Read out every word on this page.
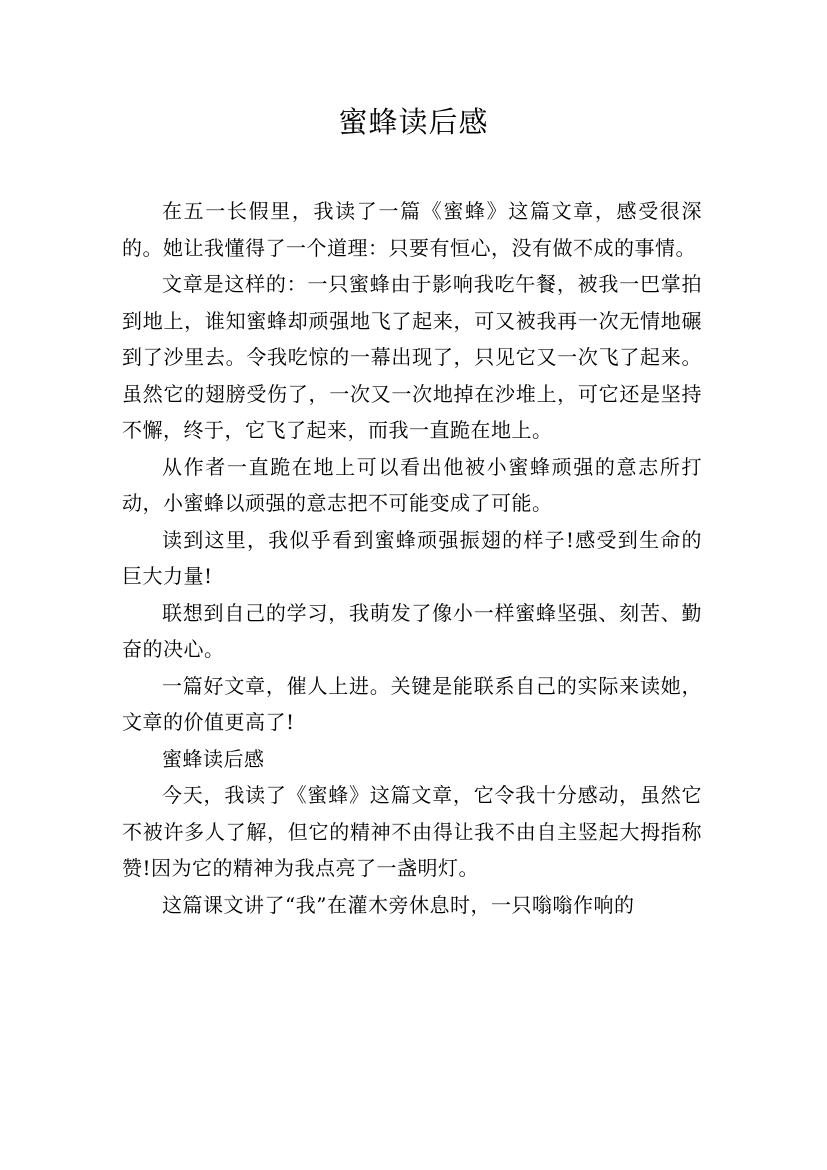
蜜蜂读后感

在五一长假里，我读了一篇《蜜蜂》这篇文章，感受很深的。她让我懂得了一个道理：只要有恒心，没有做不成的事情。

文章是这样的：一只蜜蜂由于影响我吃午餐，被我一巴掌拍到地上，谁知蜜蜂却顽强地飞了起来，可又被我再一次无情地碾到了沙里去。令我吃惊的一幕出现了，只见它又一次飞了起来。虽然它的翅膀受伤了，一次又一次地掉在沙堆上，可它还是坚持不懈，终于，它飞了起来，而我一直跪在地上。

从作者一直跪在地上可以看出他被小蜜蜂顽强的意志所打动，小蜜蜂以顽强的意志把不可能变成了可能。

读到这里，我似乎看到蜜蜂顽强振翅的样子!感受到生命的巨大力量!

联想到自己的学习，我萌发了像小一样蜜蜂坚强、刻苦、勤奋的决心。

一篇好文章，催人上进。关键是能联系自己的实际来读她，文章的价值更高了!

蜜蜂读后感

今天，我读了《蜜蜂》这篇文章，它令我十分感动，虽然它不被许多人了解，但它的精神不由得让我不由自主竖起大拇指称赞!因为它的精神为我点亮了一盏明灯。

这篇课文讲了“我”在灌木旁休息时，一只嗡嗡作响的
